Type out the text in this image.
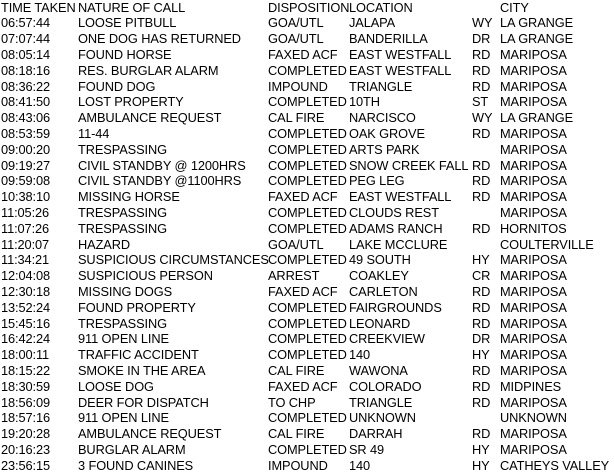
TIME TAKEN NATURE OF CALL	DISPOSITION LOCATION	CITY
06:57:44 LOOSE PITBULL	GOA/UTL JALAPA	WY LA GRANGE
07:07:44 ONE DOG HAS RETURNED GOA/UTL BANDERILLA	DR LA GRANGE
08:05:14 FOUND HORSE	FAXED ACF EAST WESTFALL RD MARIPOSA
08:18:16 RES. BURGLAR ALARM	COMPLETED EAST WESTFALL RD MARIPOSA
08:36:22 FOUND DOG	IMPOUND TRIANGLE	RD MARIPOSA
08:41:50 LOST PROPERTY	COMPLETED 10TH	ST MARIPOSA
08:43:06 AMBULANCE REQUEST	CAL FIRE NARCISCO	WY LA GRANGE
08:53:59 11-44	COMPLETED OAK GROVE	RD MARIPOSA
09:00:20 TRESPASSING	COMPLETED ARTS PARK	MARIPOSA
09:19:27 CIVIL STANDBY @ 1200HRS COMPLETED SNOW CREEK FALL RD MARIPOSA
09:59:08 CIVIL STANDBY @1100HRS COMPLETED PEG LEG	RD MARIPOSA
10:38:10 MISSING HORSE	FAXED ACF EAST WESTFALL RD MARIPOSA
11:05:26 TRESPASSING	COMPLETED CLOUDS REST	MARIPOSA
11:07:26 TRESPASSING	COMPLETED ADAMS RANCH RD HORNITOS
11:20:07 HAZARD	GOA/UTL LAKE MCCLURE	COULTERVILLE
11:34:21 SUSPICIOUS CIRCUMSTANCES COMPLETED 49 SOUTH	HY MARIPOSA
12:04:08 SUSPICIOUS PERSON	ARREST COAKLEY	CR MARIPOSA
12:30:18 MISSING DOGS	FAXED ACF CARLETON	RD MARIPOSA
13:52:24 FOUND PROPERTY	COMPLETED FAIRGROUNDS RD MARIPOSA
15:45:16 TRESPASSING	COMPLETED LEONARD	RD MARIPOSA
16:42:24 911 OPEN LINE	COMPLETED CREEKVIEW	DR MARIPOSA
18:00:11 TRAFFIC ACCIDENT	COMPLETED 140	HY MARIPOSA
18:15:22 SMOKE IN THE AREA	CAL FIRE WAWONA	RD MARIPOSA
18:30:59 LOOSE DOG	FAXED ACF COLORADO	RD MIDPINES
18:56:09 DEER FOR DISPATCH	TO CHP	TRIANGLE	RD MARIPOSA
18:57:16 911 OPEN LINE	COMPLETED UNKNOWN	UNKNOWN
19:20:28 AMBULANCE REQUEST	CAL FIRE DARRAH	RD MARIPOSA
20:16:23 BURGLAR ALARM	COMPLETED SR 49	HY MARIPOSA
23:56:15 3 FOUND CANINES	IMPOUND 140	HY CATHEYS VALLEY
